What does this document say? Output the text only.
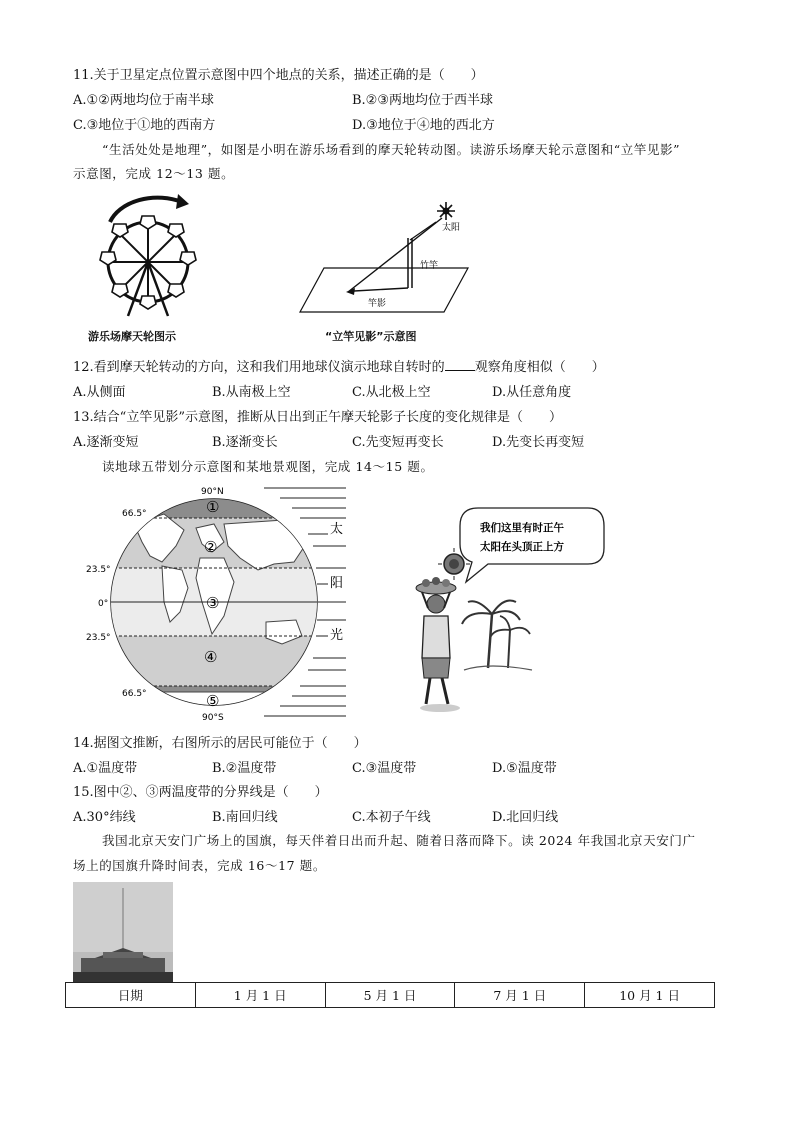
11.关于卫星定点位置示意图中四个地点的关系，描述正确的是（　　）
A.①②两地均位于南半球	B.②③两地均位于西半球
C.③地位于①地的西南方	D.③地位于④地的西北方
“生活处处是地理”，如图是小明在游乐场看到的摩天轮转动图。读游乐场摩天轮示意图和“立竿见影”
示意图，完成 12～13 题。
游乐场摩天轮图示
太阳
竹竿
竿影
“立竿见影”示意图
12.看到摩天轮转动的方向，这和我们用地球仪演示地球自转时的 观察角度相似（　　）
A.从侧面	B.从南极上空	C.从北极上空	D.从任意角度
13.结合“立竿见影”示意图，推断从日出到正午摩天轮影子长度的变化规律是（　　）
A.逐渐变短	B.逐渐变长	C.先变短再变长	D.先变长再变短
读地球五带划分示意图和某地景观图，完成 14～15 题。
90°N
66.5°
23.5°
0°
23.5°
66.5°
90°S
①
②
③
④
⑤
太
阳
光
我们这里有时正午
太阳在头顶正上方
14.据图文推断，右图所示的居民可能位于（　　）
A.①温度带	B.②温度带	C.③温度带	D.⑤温度带
15.图中②、③两温度带的分界线是（　　）
A.30°纬线	B.南回归线	C.本初子午线	D.北回归线
我国北京天安门广场上的国旗，每天伴着日出而升起、随着日落而降下。读 2024 年我国北京天安门广
场上的国旗升降时间表，完成 16～17 题。
日期	1 月 1 日	5 月 1 日	7 月 1 日	10 月 1 日
